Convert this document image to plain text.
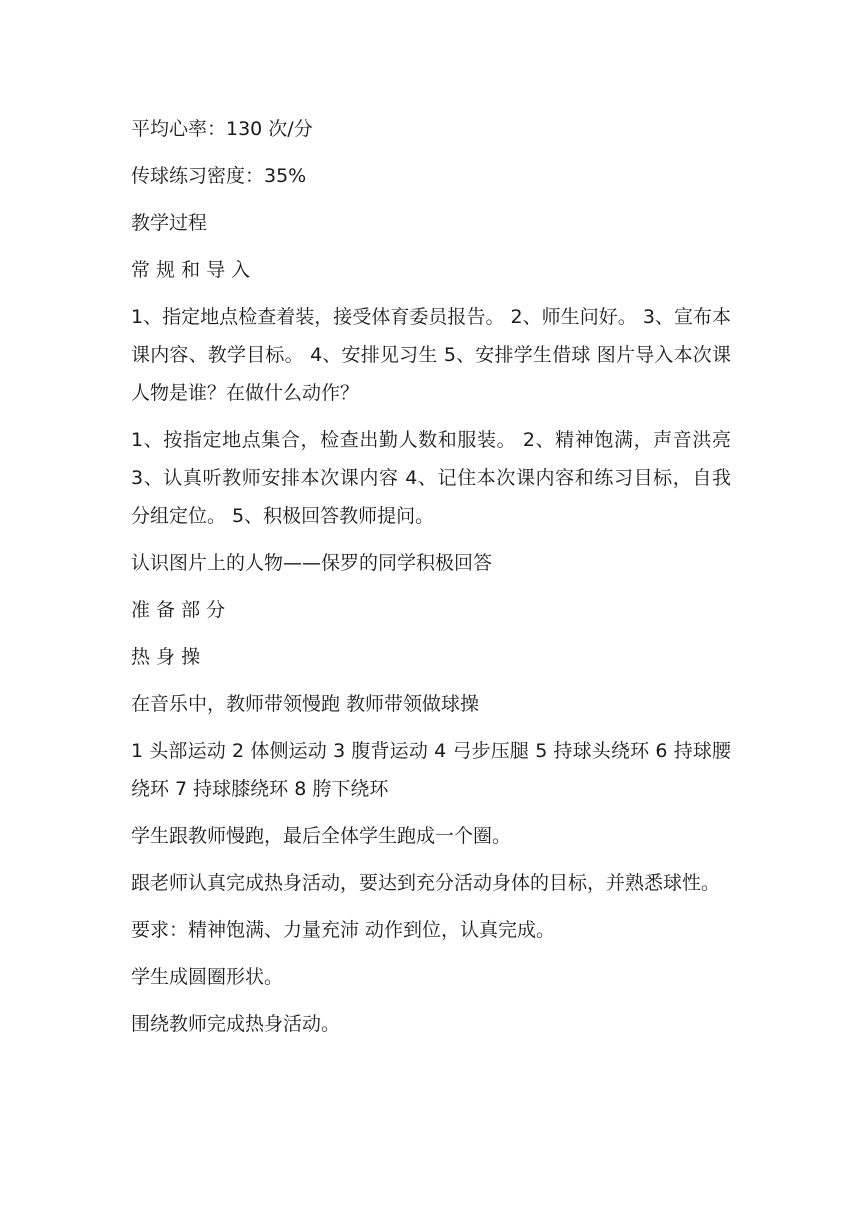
平均心率：130 次/分

传球练习密度：35%

教学过程

常 规 和 导 入

1、指定地点检查着装，接受体育委员报告。 2、师生问好。 3、宣布本课内容、教学目标。 4、安排见习生 5、安排学生借球 图片导入本次课 人物是谁？在做什么动作？

1、按指定地点集合，检查出勤人数和服装。 2、精神饱满，声音洪亮 3、认真听教师安排本次课内容 4、记住本次课内容和练习目标，自我分组定位。 5、积极回答教师提问。

认识图片上的人物——保罗的同学积极回答

准 备 部 分

热 身 操

在音乐中，教师带领慢跑 教师带领做球操

1 头部运动 2 体侧运动 3 腹背运动 4 弓步压腿 5 持球头绕环 6 持球腰绕环 7 持球膝绕环 8 胯下绕环

学生跟教师慢跑，最后全体学生跑成一个圈。

跟老师认真完成热身活动，要达到充分活动身体的目标，并熟悉球性。

要求：精神饱满、力量充沛 动作到位，认真完成。

学生成圆圈形状。

围绕教师完成热身活动。
